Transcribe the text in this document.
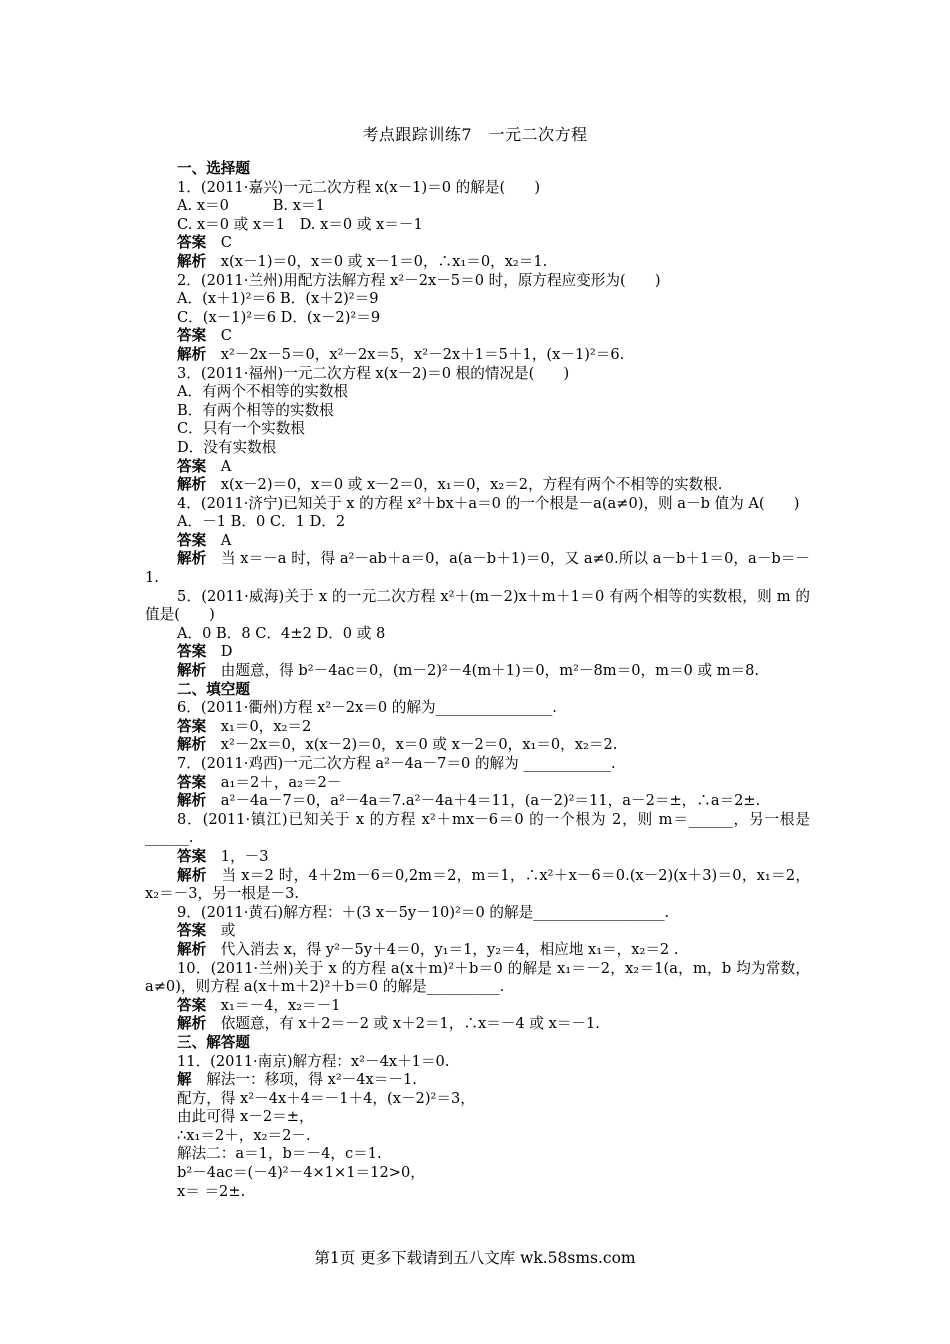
考点跟踪训练7　一元二次方程
一、选择题
1．(2011·嘉兴)一元二次方程 x(x－1)＝0 的解是(　　)
A. x＝0　　　B. x＝1
C. x＝0 或 x＝1　D. x＝0 或 x＝－1
答案　C
解析　x(x－1)＝0，x＝0 或 x－1＝0，∴x₁＝0，x₂＝1.
2．(2011·兰州)用配方法解方程 x²－2x－5＝0 时，原方程应变形为(　　)
A．(x＋1)²＝6 B．(x＋2)²＝9
C．(x－1)²＝6 D．(x－2)²＝9
答案　C
解析　x²－2x－5＝0，x²－2x＝5，x²－2x＋1＝5＋1，(x－1)²＝6.
3．(2011·福州)一元二次方程 x(x－2)＝0 根的情况是(　　)
A．有两个不相等的实数根
B．有两个相等的实数根
C．只有一个实数根
D．没有实数根
答案　A
解析　x(x－2)＝0，x＝0 或 x－2＝0，x₁＝0，x₂＝2，方程有两个不相等的实数根.
4．(2011·济宁)已知关于 x 的方程 x²＋bx＋a＝0 的一个根是－a(a≠0)，则 a－b 值为 A(　　)
A．－1 B．0 C．1 D．2
答案　A
解析　当 x＝－a 时，得 a²－ab＋a＝0，a(a－b＋1)＝0，又 a≠0.所以 a－b＋1＝0，a－b＝－1.
5．(2011·威海)关于 x 的一元二次方程 x²＋(m－2)x＋m＋1＝0 有两个相等的实数根，则 m 的值是(　　)
A．0 B．8 C．4±2 D．0 或 8
答案　D
解析　由题意，得 b²－4ac＝0，(m－2)²－4(m＋1)＝0，m²－8m＝0，m＝0 或 m＝8.
二、填空题
6．(2011·衢州)方程 x²－2x＝0 的解为________________.
答案　x₁＝0，x₂＝2
解析　x²－2x＝0，x(x－2)＝0，x＝0 或 x－2＝0，x₁＝0，x₂＝2.
7．(2011·鸡西)一元二次方程 a²－4a－7＝0 的解为 ____________.
答案　a₁＝2＋，a₂＝2－
解析　a²－4a－7＝0，a²－4a＝7.a²－4a＋4＝11，(a－2)²＝11，a－2＝±，∴a＝2±.
8．(2011·镇江)已知关于 x 的方程 x²＋mx－6＝0 的一个根为 2，则 m＝______，另一根是______.
答案　1，－3
解析　当 x＝2 时，4＋2m－6＝0,2m＝2，m＝1，∴x²＋x－6＝0.(x－2)(x＋3)＝0，x₁＝2，x₂＝－3，另一根是－3.
9．(2011·黄石)解方程：＋(3 x－5y－10)²＝0 的解是__________________.
答案　或
解析　代入消去 x，得 y²－5y＋4＝0，y₁＝1，y₂＝4，相应地 x₁＝，x₂＝2 .
10．(2011·兰州)关于 x 的方程 a(x＋m)²＋b＝0 的解是 x₁＝－2，x₂＝1(a，m，b 均为常数，a≠0)，则方程 a(x＋m＋2)²＋b＝0 的解是__________.
答案　x₁＝－4，x₂＝－1
解析　依题意，有 x＋2＝－2 或 x＋2＝1，∴x＝－4 或 x＝－1.
三、解答题
11．(2011·南京)解方程：x²－4x＋1＝0.
解　解法一：移项，得 x²－4x＝－1.
配方，得 x²－4x＋4＝－1＋4，(x－2)²＝3，
由此可得 x－2＝±，
∴x₁＝2＋，x₂＝2－.
解法二：a＝1，b＝－4，c＝1.
b²－4ac＝(－4)²－4×1×1＝12>0，
x＝ ＝2±.
第1页 更多下载请到五八文库 wk.58sms.com
